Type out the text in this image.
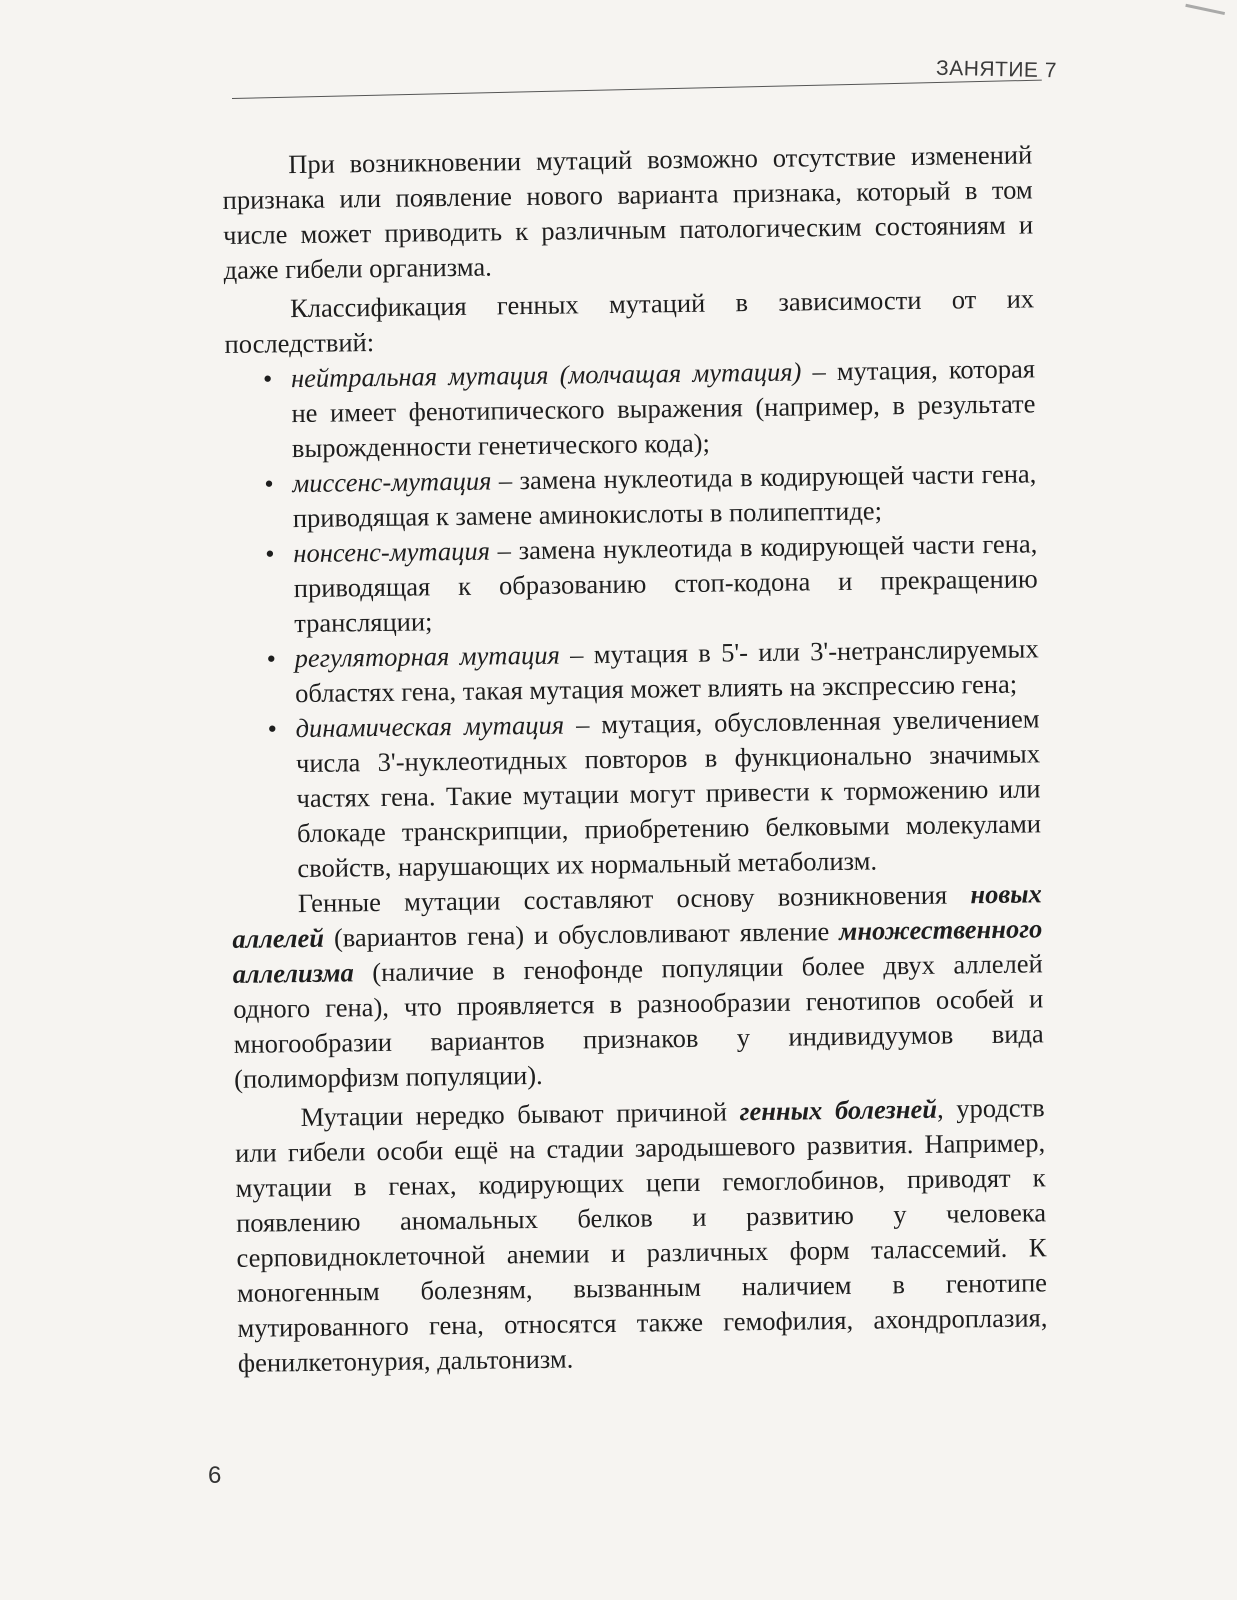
ЗАНЯТИЕ 7

При возникновении мутаций возможно отсутствие изменений признака или появление нового варианта признака, который в том числе может приводить к различным патологическим состояниям и даже гибели организма.

Классификация генных мутаций в зависимости от их последствий:

• нейтральная мутация (молчащая мутация) – мутация, которая не имеет фенотипического выражения (например, в результате вырожденности генетического кода);
• миссенс-мутация – замена нуклеотида в кодирующей части гена, приводящая к замене аминокислоты в полипептиде;
• нонсенс-мутация – замена нуклеотида в кодирующей части гена, приводящая к образованию стоп-кодона и прекращению трансляции;
• регуляторная мутация – мутация в 5'- или 3'-нетранслируемых областях гена, такая мутация может влиять на экспрессию гена;
• динамическая мутация – мутация, обусловленная увеличением числа 3'-нуклеотидных повторов в функционально значимых частях гена. Такие мутации могут привести к торможению или блокаде транскрипции, приобретению белковыми молекулами свойств, нарушающих их нормальный метаболизм.

Генные мутации составляют основу возникновения новых аллелей (вариантов гена) и обусловливают явление множественного аллелизма (наличие в генофонде популяции более двух аллелей одного гена), что проявляется в разнообразии генотипов особей и многообразии вариантов признаков у индивидуумов вида (полиморфизм популяции).

Мутации нередко бывают причиной генных болезней, уродств или гибели особи ещё на стадии зародышевого развития. Например, мутации в генах, кодирующих цепи гемоглобинов, приводят к появлению аномальных белков и развитию у человека серповидноклеточной анемии и различных форм талассемий. К моногенным болезням, вызванным наличием в генотипе мутированного гена, относятся также гемофилия, ахондроплазия, фенилкетонурия, дальтонизм.

6
